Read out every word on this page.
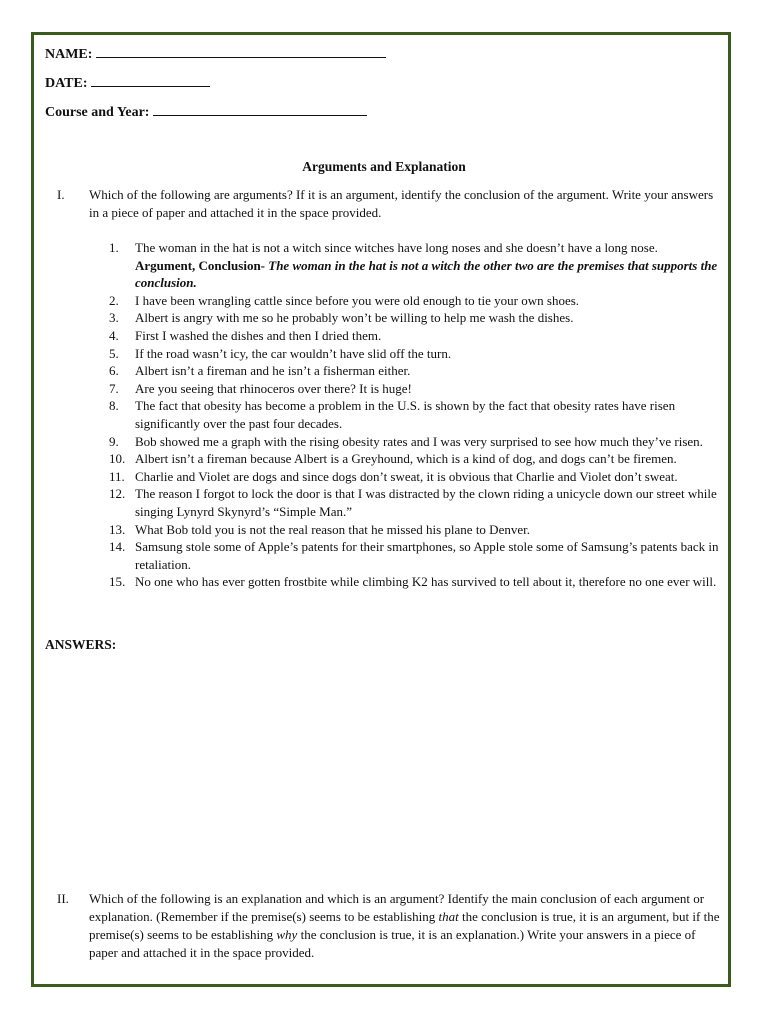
NAME:
DATE:
Course and Year:
Arguments and Explanation
I. Which of the following are arguments? If it is an argument, identify the conclusion of the argument. Write your answers in a piece of paper and attached it in the space provided.
1. The woman in the hat is not a witch since witches have long noses and she doesn’t have a long nose.
Argument, Conclusion- The woman in the hat is not a witch the other two are the premises that supports the conclusion.
2. I have been wrangling cattle since before you were old enough to tie your own shoes.
3. Albert is angry with me so he probably won’t be willing to help me wash the dishes.
4. First I washed the dishes and then I dried them.
5. If the road wasn’t icy, the car wouldn’t have slid off the turn.
6. Albert isn’t a fireman and he isn’t a fisherman either.
7. Are you seeing that rhinoceros over there? It is huge!
8. The fact that obesity has become a problem in the U.S. is shown by the fact that obesity rates have risen significantly over the past four decades.
9. Bob showed me a graph with the rising obesity rates and I was very surprised to see how much they’ve risen.
10. Albert isn’t a fireman because Albert is a Greyhound, which is a kind of dog, and dogs can’t be firemen.
11. Charlie and Violet are dogs and since dogs don’t sweat, it is obvious that Charlie and Violet don’t sweat.
12. The reason I forgot to lock the door is that I was distracted by the clown riding a unicycle down our street while singing Lynyrd Skynyrd’s “Simple Man.”
13. What Bob told you is not the real reason that he missed his plane to Denver.
14. Samsung stole some of Apple’s patents for their smartphones, so Apple stole some of Samsung’s patents back in retaliation.
15. No one who has ever gotten frostbite while climbing K2 has survived to tell about it, therefore no one ever will.
ANSWERS:
II. Which of the following is an explanation and which is an argument? Identify the main conclusion of each argument or explanation. (Remember if the premise(s) seems to be establishing that the conclusion is true, it is an argument, but if the premise(s) seems to be establishing why the conclusion is true, it is an explanation.) Write your answers in a piece of paper and attached it in the space provided.
